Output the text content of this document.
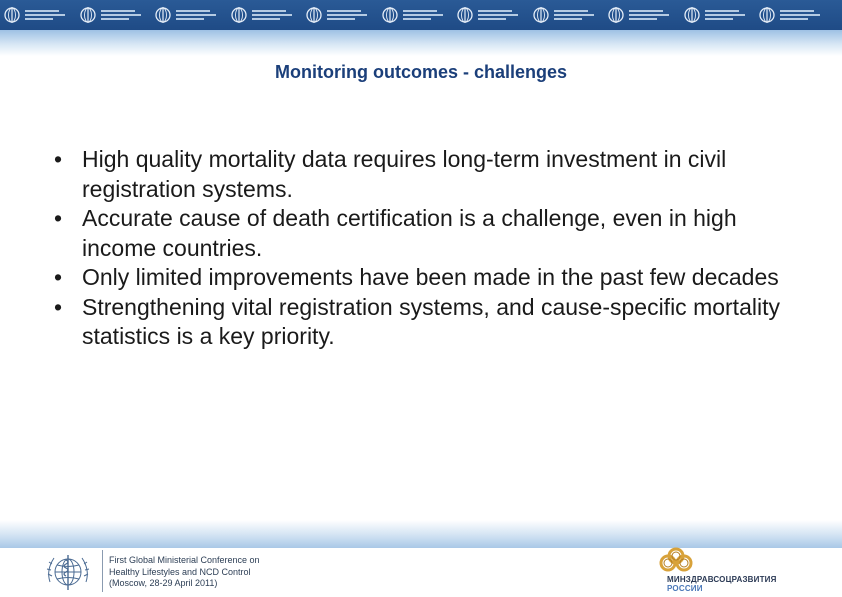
Monitoring outcomes - challenges
• High quality mortality data requires long-term investment in civil registration systems.
• Accurate cause of death certification is a challenge, even in high income countries.
• Only limited improvements have been made in the past few decades
• Strengthening vital registration systems, and cause-specific mortality statistics is a key priority.
First Global Ministerial Conference on
Healthy Lifestyles and NCD Control
(Moscow, 28-29 April 2011)	МИНЗДРАВСОЦРАЗВИТИЯ
РОССИИ
